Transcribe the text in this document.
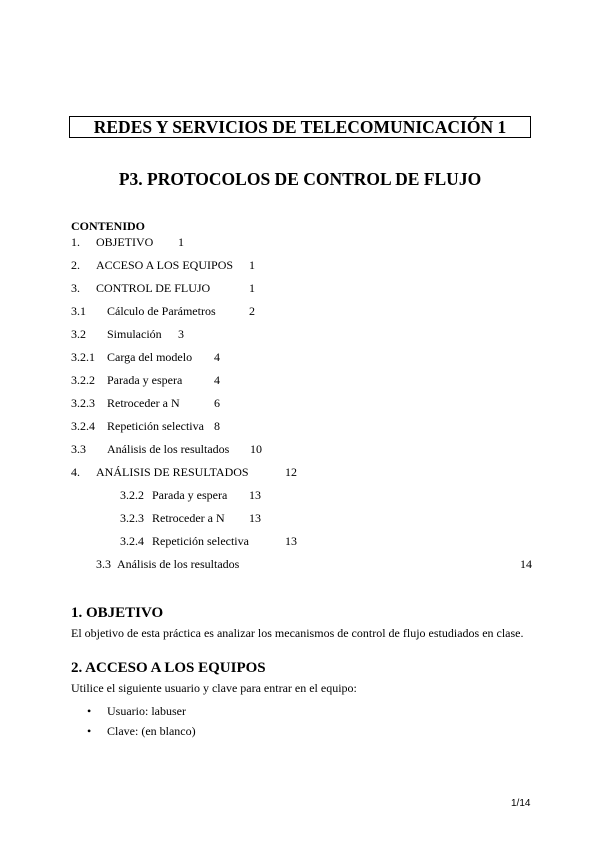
REDES Y SERVICIOS DE TELECOMUNICACIÓN 1
P3. PROTOCOLOS DE CONTROL DE FLUJO
CONTENIDO
1. OBJETIVO 1
2. ACCESO A LOS EQUIPOS 1
3. CONTROL DE FLUJO	1
3.1 Cálculo de Parámetros	2
3.2 Simulación 3
3.2.1 Carga del modelo 4
3.2.2 Parada y espera	4
3.2.3 Retroceder a N	6
3.2.4 Repetición selectiva 8
3.3 Análisis de los resultados 10
4. ANÁLISIS DE RESULTADOS	12
3.2.2 Parada y espera 13
3.2.3 Retroceder a N 13
3.2.4 Repetición selectiva	13
3.3 Análisis de los resultados	14
1. OBJETIVO
El objetivo de esta práctica es analizar los mecanismos de control de flujo estudiados en clase.
2. ACCESO A LOS EQUIPOS
Utilice el siguiente usuario y clave para entrar en el equipo:
• Usuario: labuser
• Clave: (en blanco)
1/14
